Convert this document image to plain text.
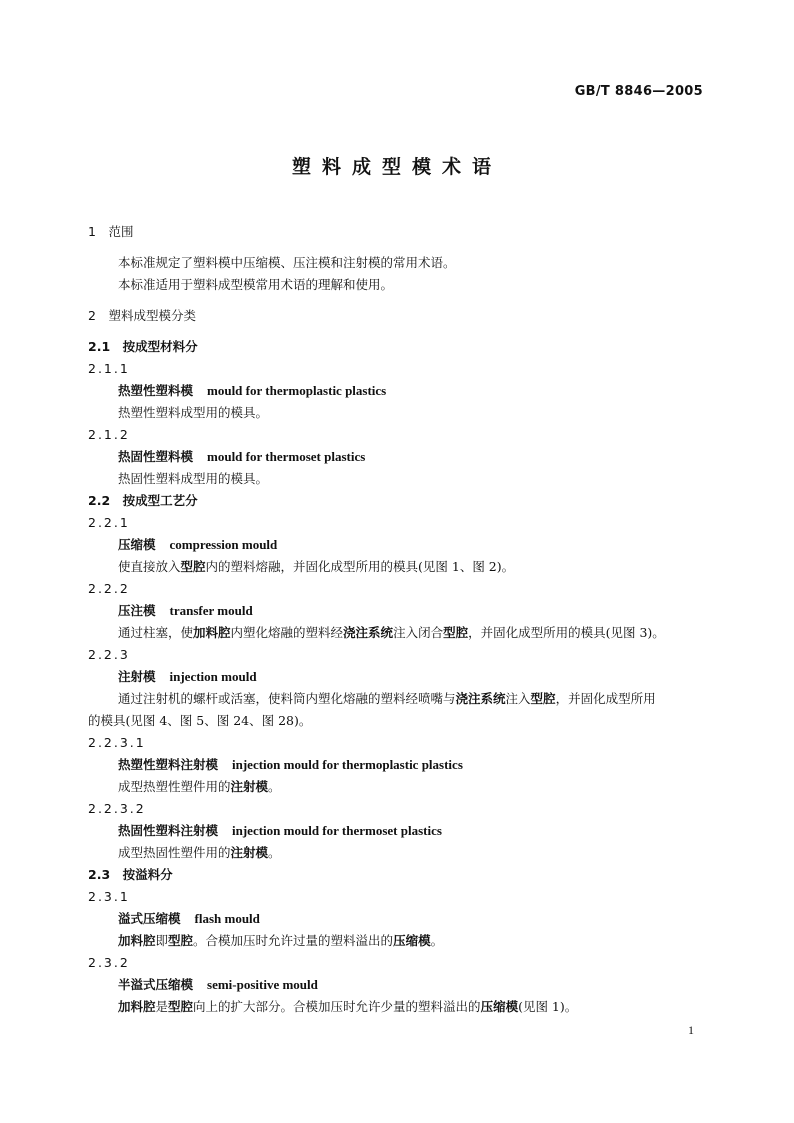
GB/T 8846—2005
塑料成型模术语
1　范围
本标准规定了塑料模中压缩模、压注模和注射模的常用术语。
本标准适用于塑料成型模常用术语的理解和使用。
2　塑料成型模分类
2.1　按成型材料分
2.1.1
热塑性塑料模 mould for thermoplastic plastics
热塑性塑料成型用的模具。
2.1.2
热固性塑料模 mould for thermoset plastics
热固性塑料成型用的模具。
2.2　按成型工艺分
2.2.1
压缩模 compression mould
使直接放入型腔内的塑料熔融，并固化成型所用的模具(见图 1、图 2)。
2.2.2
压注模 transfer mould
通过柱塞，使加料腔内塑化熔融的塑料经浇注系统注入闭合型腔，并固化成型所用的模具(见图 3)。
2.2.3
注射模 injection mould
通过注射机的螺杆或活塞，使料筒内塑化熔融的塑料经喷嘴与浇注系统注入型腔，并固化成型所用
的模具(见图 4、图 5、图 24、图 28)。
2.2.3.1
热塑性塑料注射模 injection mould for thermoplastic plastics
成型热塑性塑件用的注射模。
2.2.3.2
热固性塑料注射模 injection mould for thermoset plastics
成型热固性塑件用的注射模。
2.3　按溢料分
2.3.1
溢式压缩模 flash mould
加料腔即型腔。合模加压时允许过量的塑料溢出的压缩模。
2.3.2
半溢式压缩模 semi-positive mould
加料腔是型腔向上的扩大部分。合模加压时允许少量的塑料溢出的压缩模(见图 1)。
1
